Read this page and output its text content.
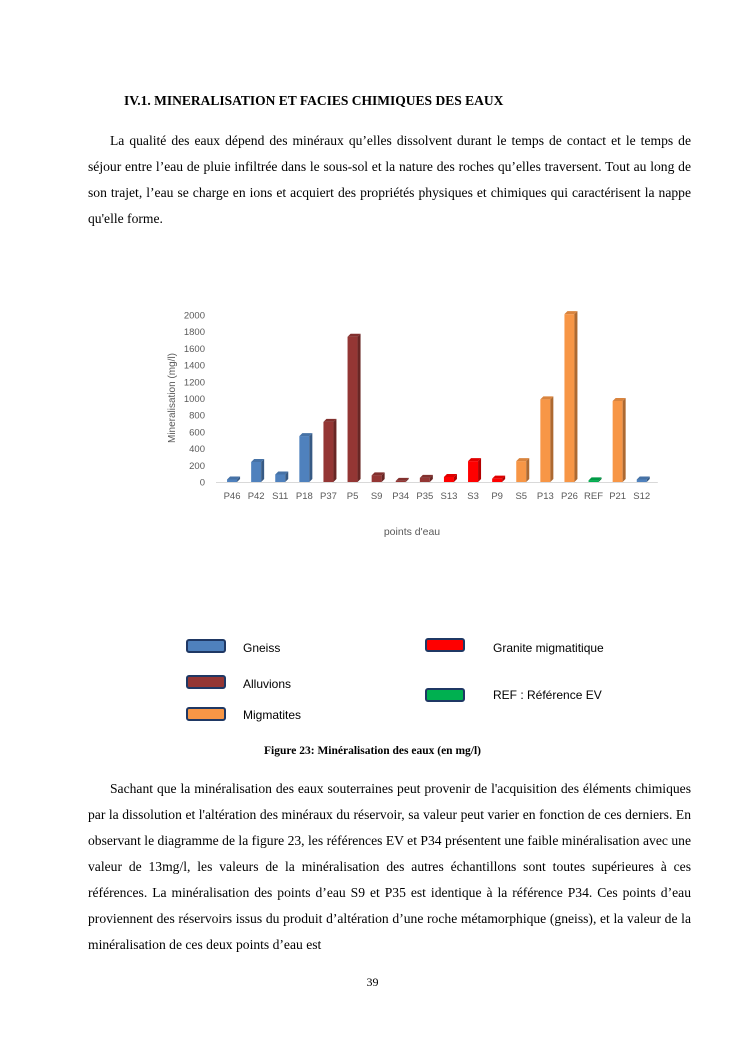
IV.1. MINERALISATION ET FACIES CHIMIQUES DES EAUX

La qualité des eaux dépend des minéraux qu’elles dissolvent durant le temps de contact et le temps de séjour entre l’eau de pluie infiltrée dans le sous-sol et la nature des roches qu’elles traversent. Tout au long de son trajet, l’eau se charge en ions et acquiert des propriétés physiques et chimiques qui caractérisent la nappe qu'elle forme.

0
200
400
600
800
1000
1200
1400
1600
1800
2000
P46 P42 S11 P18 P37 P5 S9 P34 P35 S13 S3 P9 S5 P13 P26 REF P21 S12
Mineralisation (mg/l)
points d'eau
Gneiss
Alluvions
Migmatites
Granite migmatitique
REF : Référence EV

Figure 23: Minéralisation des eaux (en mg/l)

Sachant que la minéralisation des eaux souterraines peut provenir de l'acquisition des éléments chimiques par la dissolution et l'altération des minéraux du réservoir, sa valeur peut varier en fonction de ces derniers. En observant le diagramme de la figure 23, les références EV et P34 présentent une faible minéralisation avec une valeur de 13mg/l, les valeurs de la minéralisation des autres échantillons sont toutes supérieures à ces références. La minéralisation des points d’eau S9 et P35 est identique à la référence P34. Ces points d’eau proviennent des réservoirs issus du produit d’altération d’une roche métamorphique (gneiss), et la valeur de la minéralisation de ces deux points d’eau est

39
